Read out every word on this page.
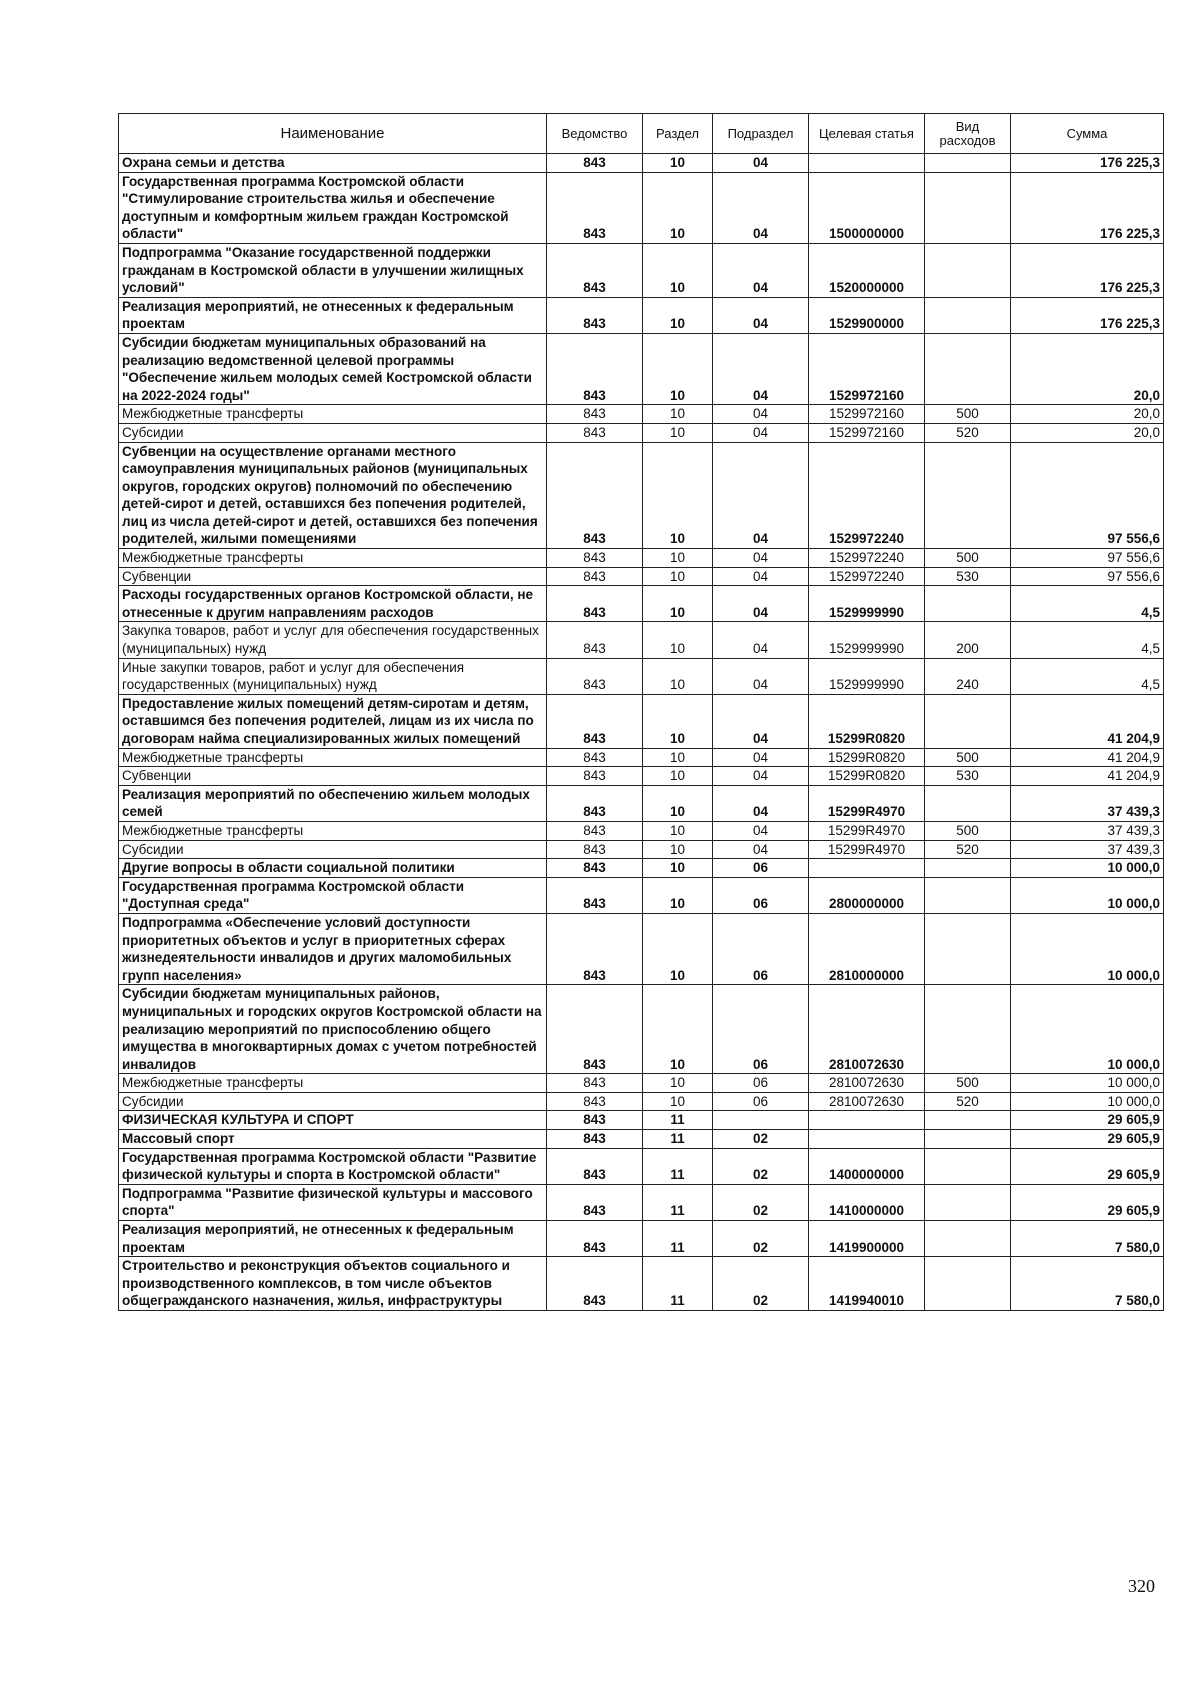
Наименование	Ведомство	Раздел	Подраздел	Целевая статья	Вид расходов	Сумма
Охрана семьи и детства	843	10	04			176 225,3
Государственная программа Костромской области "Стимулирование строительства жилья и обеспечение доступным и комфортным жильем граждан Костромской области"	843	10	04	1500000000		176 225,3
Подпрограмма "Оказание государственной поддержки гражданам в Костромской области в улучшении жилищных условий"	843	10	04	1520000000		176 225,3
Реализация мероприятий, не отнесенных к федеральным проектам	843	10	04	1529900000		176 225,3
Субсидии бюджетам муниципальных образований на реализацию ведомственной целевой программы "Обеспечение жильем молодых семей Костромской области на 2022-2024 годы"	843	10	04	1529972160		20,0
Межбюджетные трансферты	843	10	04	1529972160	500	20,0
Субсидии	843	10	04	1529972160	520	20,0
Субвенции на осуществление органами местного самоуправления муниципальных районов (муниципальных округов, городских округов) полномочий по обеспечению детей-сирот и детей, оставшихся без попечения родителей, лиц из числа детей-сирот и детей, оставшихся без попечения родителей, жилыми помещениями	843	10	04	1529972240		97 556,6
Межбюджетные трансферты	843	10	04	1529972240	500	97 556,6
Субвенции	843	10	04	1529972240	530	97 556,6
Расходы государственных органов Костромской области, не отнесенные к другим направлениям расходов	843	10	04	1529999990		4,5
Закупка товаров, работ и услуг для обеспечения государственных (муниципальных) нужд	843	10	04	1529999990	200	4,5
Иные закупки товаров, работ и услуг для обеспечения государственных (муниципальных) нужд	843	10	04	1529999990	240	4,5
Предоставление жилых помещений детям-сиротам и детям, оставшимся без попечения родителей, лицам из их числа по договорам найма специализированных жилых помещений	843	10	04	15299R0820		41 204,9
Межбюджетные трансферты	843	10	04	15299R0820	500	41 204,9
Субвенции	843	10	04	15299R0820	530	41 204,9
Реализация мероприятий по обеспечению жильем молодых семей	843	10	04	15299R4970		37 439,3
Межбюджетные трансферты	843	10	04	15299R4970	500	37 439,3
Субсидии	843	10	04	15299R4970	520	37 439,3
Другие вопросы в области социальной политики	843	10	06			10 000,0
Государственная программа Костромской области "Доступная среда"	843	10	06	2800000000		10 000,0
Подпрограмма «Обеспечение условий доступности приоритетных объектов и услуг в приоритетных сферах жизнедеятельности инвалидов и других маломобильных групп населения»	843	10	06	2810000000		10 000,0
Субсидии бюджетам муниципальных районов, муниципальных и городских округов Костромской области на реализацию мероприятий по приспособлению общего имущества в многоквартирных домах с учетом потребностей инвалидов	843	10	06	2810072630		10 000,0
Межбюджетные трансферты	843	10	06	2810072630	500	10 000,0
Субсидии	843	10	06	2810072630	520	10 000,0
ФИЗИЧЕСКАЯ КУЛЬТУРА И СПОРТ	843	11				29 605,9
Массовый спорт	843	11	02			29 605,9
Государственная программа Костромской области "Развитие физической культуры и спорта в Костромской области"	843	11	02	1400000000		29 605,9
Подпрограмма "Развитие физической культуры и массового спорта"	843	11	02	1410000000		29 605,9
Реализация мероприятий, не отнесенных к федеральным проектам	843	11	02	1419900000		7 580,0
Строительство и реконструкция объектов социального и производственного комплексов, в том числе объектов общегражданского назначения, жилья, инфраструктуры	843	11	02	1419940010		7 580,0
320
